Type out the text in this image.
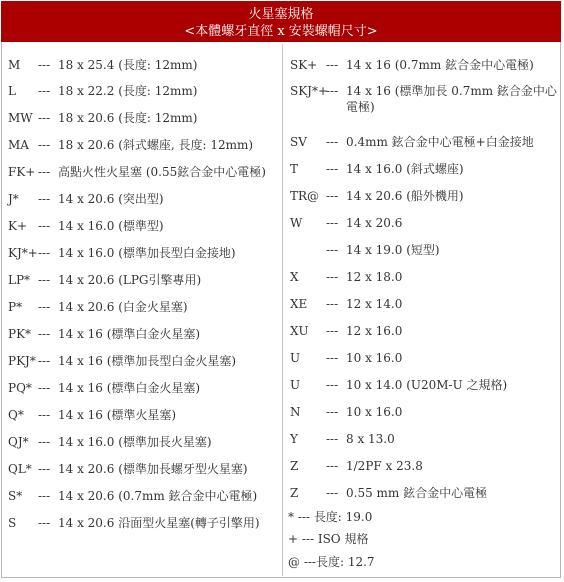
火星塞規格
<本體螺牙直徑 x 安裝螺帽尺寸>
M --- 18 x 25.4 (長度: 12mm)
L --- 18 x 22.2 (長度: 12mm)
MW --- 18 x 20.6 (長度: 12mm)
MA --- 18 x 20.6 (斜式螺座, 長度: 12mm)
FK+ --- 高點火性火星塞 (0.55鉉合金中心電極)
J* --- 14 x 20.6 (突出型)
K+ --- 14 x 16.0 (標準型)
KJ*+ --- 14 x 16.0 (標準加長型白金接地)
LP* --- 14 x 20.6 (LPG引擎專用)
P* --- 14 x 20.6 (白金火星塞)
PK* --- 14 x 16 (標準白金火星塞)
PKJ* --- 14 x 16 (標準加長型白金火星塞)
PQ* --- 14 x 16 (標準白金火星塞)
Q* --- 14 x 16 (標準火星塞)
QJ* --- 14 x 16.0 (標準加長火星塞)
QL* --- 14 x 20.6 (標準加長螺牙型火星塞)
S* --- 14 x 20.6 (0.7mm 鉉合金中心電極)
S --- 14 x 20.6 沿面型火星塞(轉子引擎用)
SK+ --- 14 x 16 (0.7mm 鉉合金中心電極)
SKJ*+
--- 14 x 16 (標準加長 0.7mm 鉉合金中心
電極)
SV --- 0.4mm 鉉合金中心電極+白金接地
T --- 14 x 16.0 (斜式螺座)
TR@ --- 14 x 20.6 (船外機用)
W --- 14 x 20.6
--- 14 x 19.0 (短型)
X --- 12 x 18.0
XE --- 12 x 14.0
XU --- 12 x 16.0
U --- 10 x 16.0
U --- 10 x 14.0 (U20M-U 之規格)
N --- 10 x 16.0
Y --- 8 x 13.0
Z --- 1/2PF x 23.8
Z --- 0.55 mm 鉉合金中心電極
* --- 長度: 19.0
+ --- ISO 規格
@ ---長度: 12.7
